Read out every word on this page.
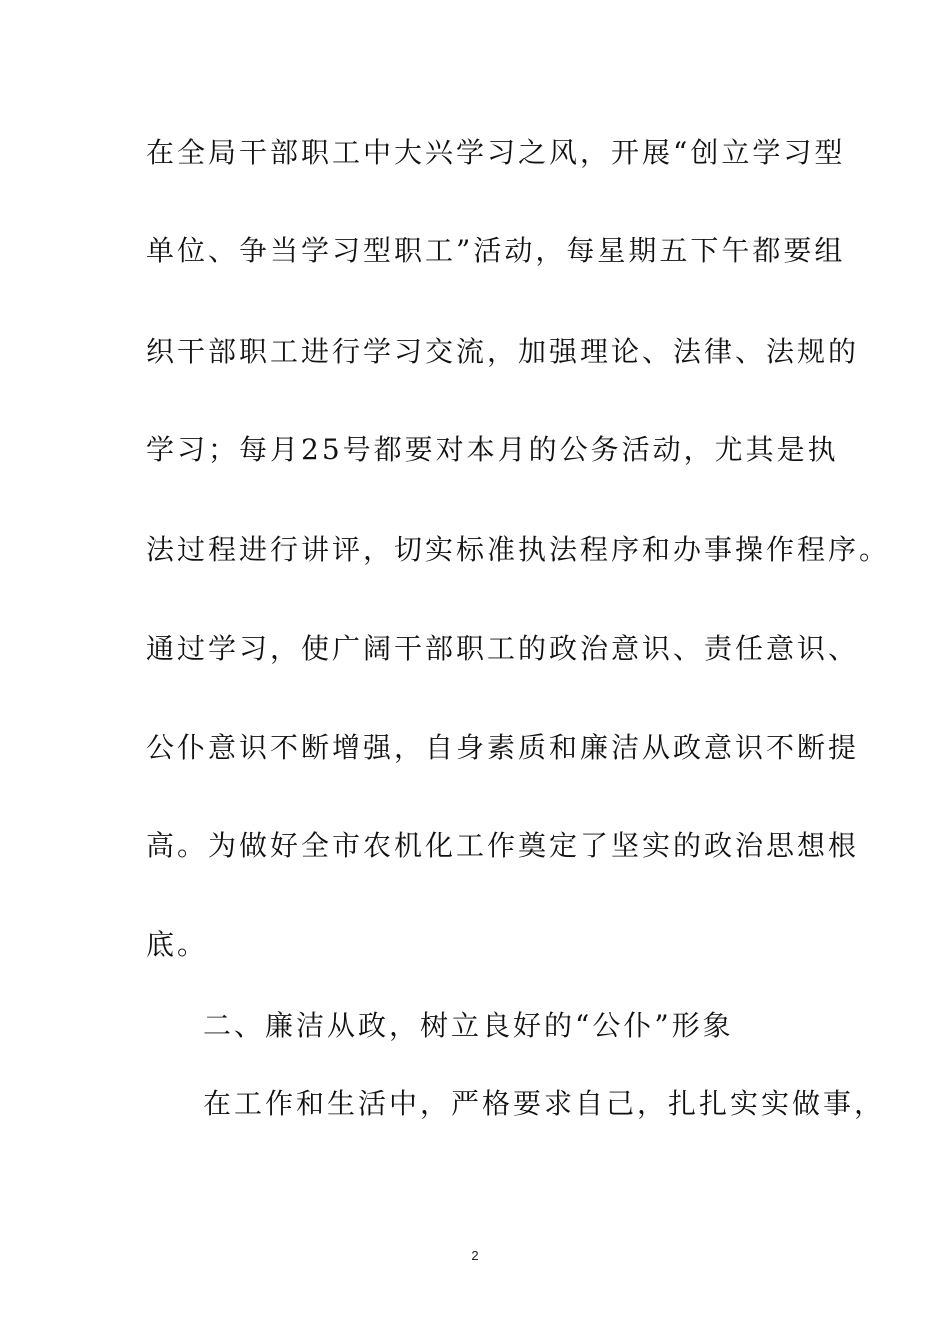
在全局干部职工中大兴学习之风，开展“创立学习型
单位、争当学习型职工”活动，每星期五下午都要组
织干部职工进行学习交流，加强理论、法律、法规的
学习；每月25号都要对本月的公务活动，尤其是执
法过程进行讲评，切实标准执法程序和办事操作程序。
通过学习，使广阔干部职工的政治意识、责任意识、
公仆意识不断增强，自身素质和廉洁从政意识不断提
高。为做好全市农机化工作奠定了坚实的政治思想根
底。
二、廉洁从政，树立良好的“公仆”形象
在工作和生活中，严格要求自己，扎扎实实做事，
2
